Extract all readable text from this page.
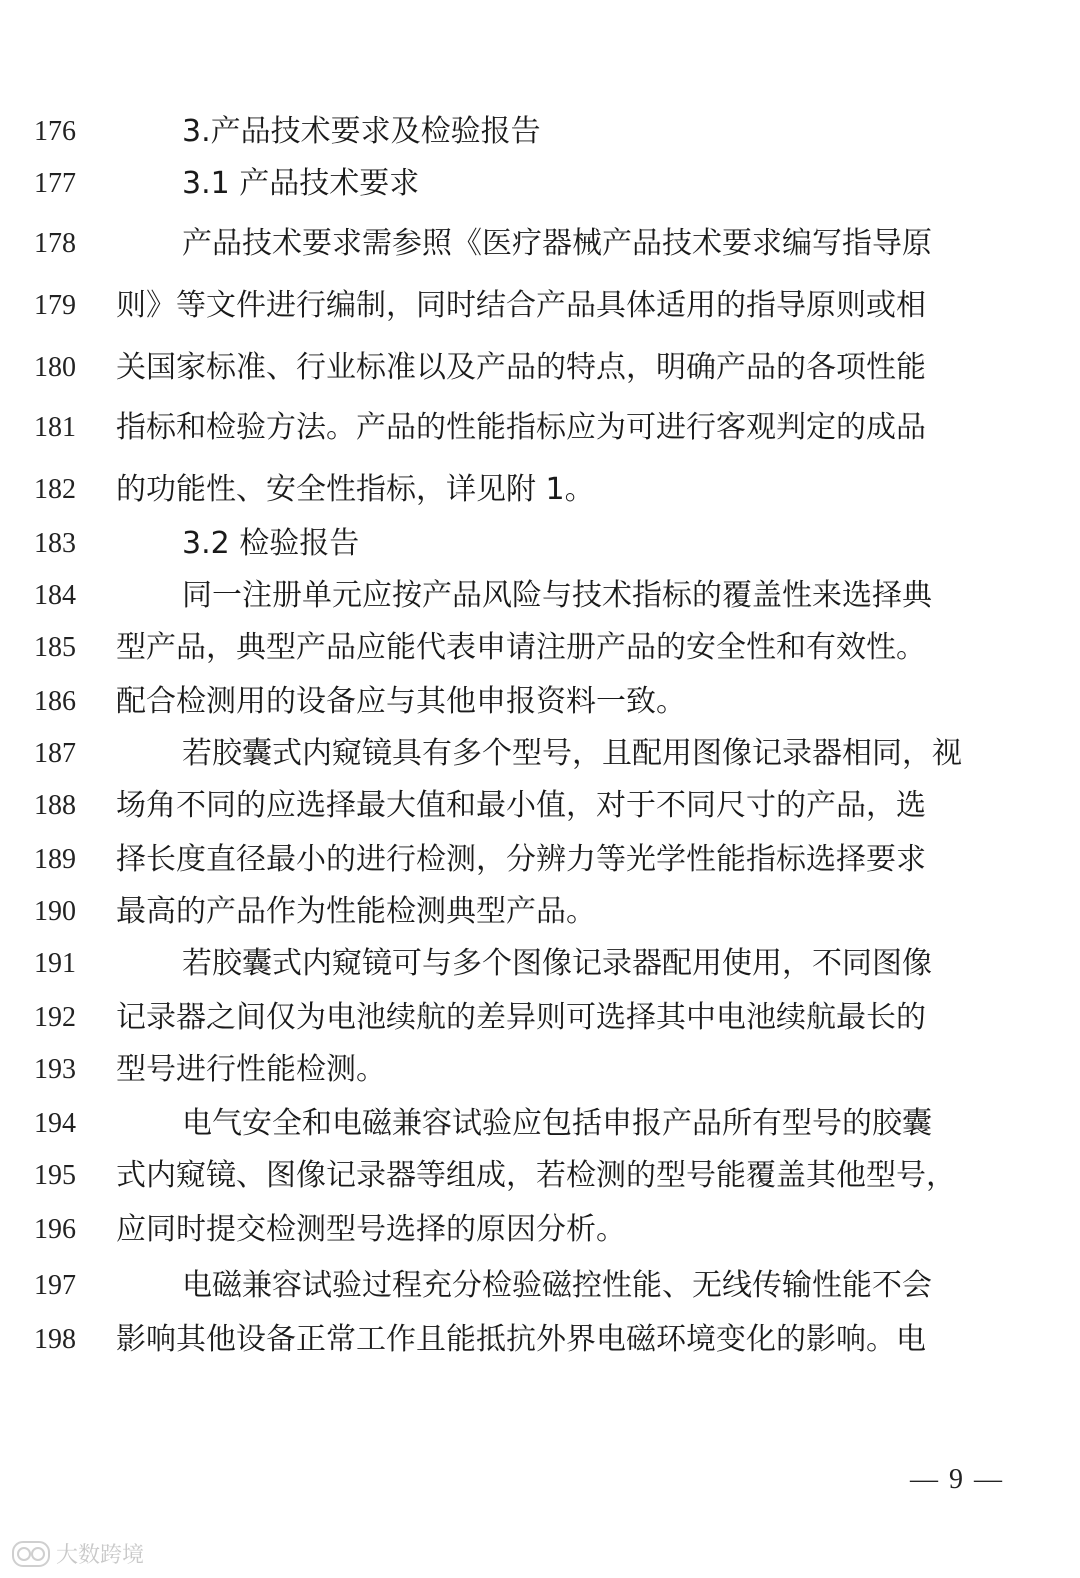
176	3.产品技术要求及检验报告
177	3.1 产品技术要求
178	产品技术要求需参照《医疗器械产品技术要求编写指导原
179 则》等文件进行编制，同时结合产品具体适用的指导原则或相
180 关国家标准、行业标准以及产品的特点，明确产品的各项性能
181 指标和检验方法。产品的性能指标应为可进行客观判定的成品
182 的功能性、安全性指标，详见附 1。
183	3.2 检验报告
184	同一注册单元应按产品风险与技术指标的覆盖性来选择典
185 型产品，典型产品应能代表申请注册产品的安全性和有效性。
186 配合检测用的设备应与其他申报资料一致。
187	若胶囊式内窥镜具有多个型号，且配用图像记录器相同，视
188 场角不同的应选择最大值和最小值，对于不同尺寸的产品，选
189 择长度直径最小的进行检测，分辨力等光学性能指标选择要求
190 最高的产品作为性能检测典型产品。
191	若胶囊式内窥镜可与多个图像记录器配用使用，不同图像
192 记录器之间仅为电池续航的差异则可选择其中电池续航最长的
193 型号进行性能检测。
194	电气安全和电磁兼容试验应包括申报产品所有型号的胶囊
195 式内窥镜、图像记录器等组成，若检测的型号能覆盖其他型号，
196 应同时提交检测型号选择的原因分析。
197	电磁兼容试验过程充分检验磁控性能、无线传输性能不会
198 影响其他设备正常工作且能抵抗外界电磁环境变化的影响。电
— 9 —
大数跨境
